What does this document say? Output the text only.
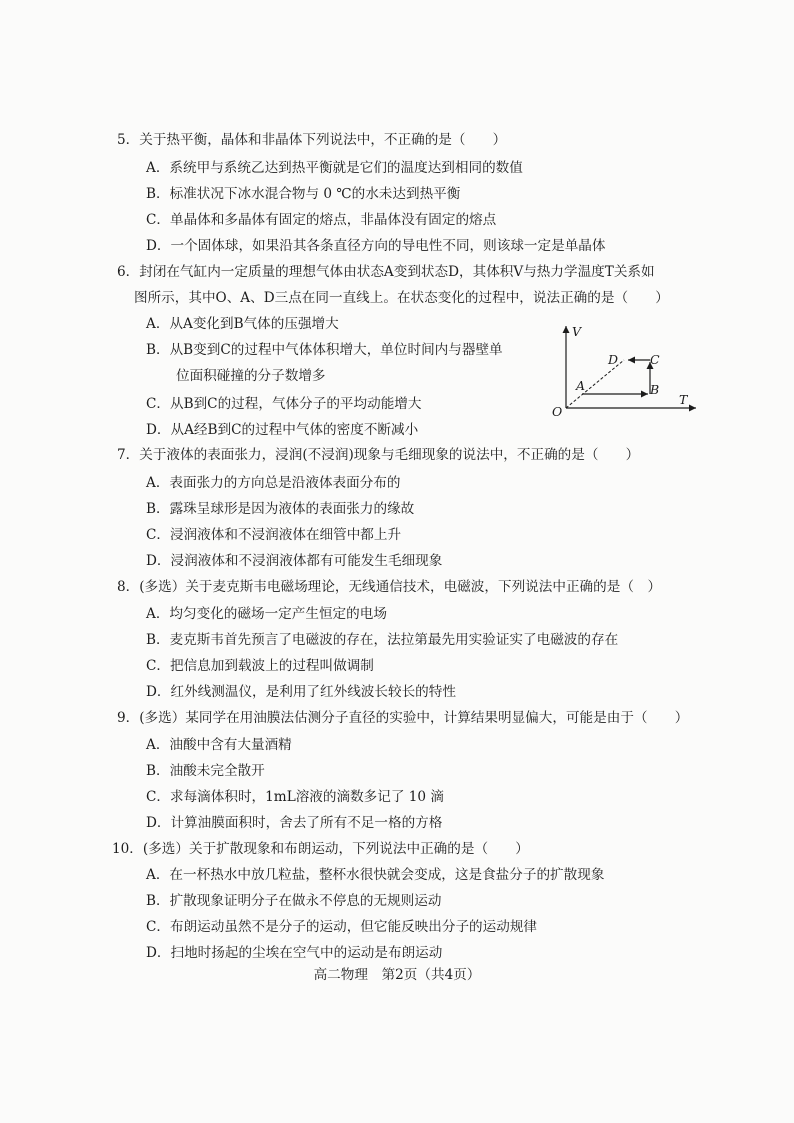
5．关于热平衡，晶体和非晶体下列说法中，不正确的是（　　）
A．系统甲与系统乙达到热平衡就是它们的温度达到相同的数值
B．标准状况下冰水混合物与 0 ℃的水未达到热平衡
C．单晶体和多晶体有固定的熔点，非晶体没有固定的熔点
D．一个固体球，如果沿其各条直径方向的导电性不同，则该球一定是单晶体
6．封闭在气缸内一定质量的理想气体由状态A变到状态D，其体积V与热力学温度T关系如
图所示，其中O、A、D三点在同一直线上。在状态变化的过程中，说法正确的是（　　）
A．从A变化到B气体的压强增大
B．从B变到C的过程中气体体积增大，单位时间内与器壁单
位面积碰撞的分子数增多
C．从B到C的过程，气体分子的平均动能增大
D．从A经B到C的过程中气体的密度不断减小
V
T
O
A	B
C
D
7．关于液体的表面张力，浸润(不浸润)现象与毛细现象的说法中，不正确的是（　　）
A．表面张力的方向总是沿液体表面分布的
B．露珠呈球形是因为液体的表面张力的缘故
C．浸润液体和不浸润液体在细管中都上升
D．浸润液体和不浸润液体都有可能发生毛细现象
8．(多选）关于麦克斯韦电磁场理论，无线通信技术，电磁波，下列说法中正确的是（　）
A．均匀变化的磁场一定产生恒定的电场
B．麦克斯韦首先预言了电磁波的存在，法拉第最先用实验证实了电磁波的存在
C．把信息加到载波上的过程叫做调制
D．红外线测温仪，是利用了红外线波长较长的特性
9．(多选）某同学在用油膜法估测分子直径的实验中，计算结果明显偏大，可能是由于（　　）
A．油酸中含有大量酒精
B．油酸未完全散开
C．求每滴体积时，1mL溶液的滴数多记了 10 滴
D．计算油膜面积时，舍去了所有不足一格的方格
10．(多选）关于扩散现象和布朗运动，下列说法中正确的是（　　）
A．在一杯热水中放几粒盐，整杯水很快就会变成，这是食盐分子的扩散现象
B．扩散现象证明分子在做永不停息的无规则运动
C．布朗运动虽然不是分子的运动，但它能反映出分子的运动规律
D．扫地时扬起的尘埃在空气中的运动是布朗运动
高二物理　第2页（共4页）
